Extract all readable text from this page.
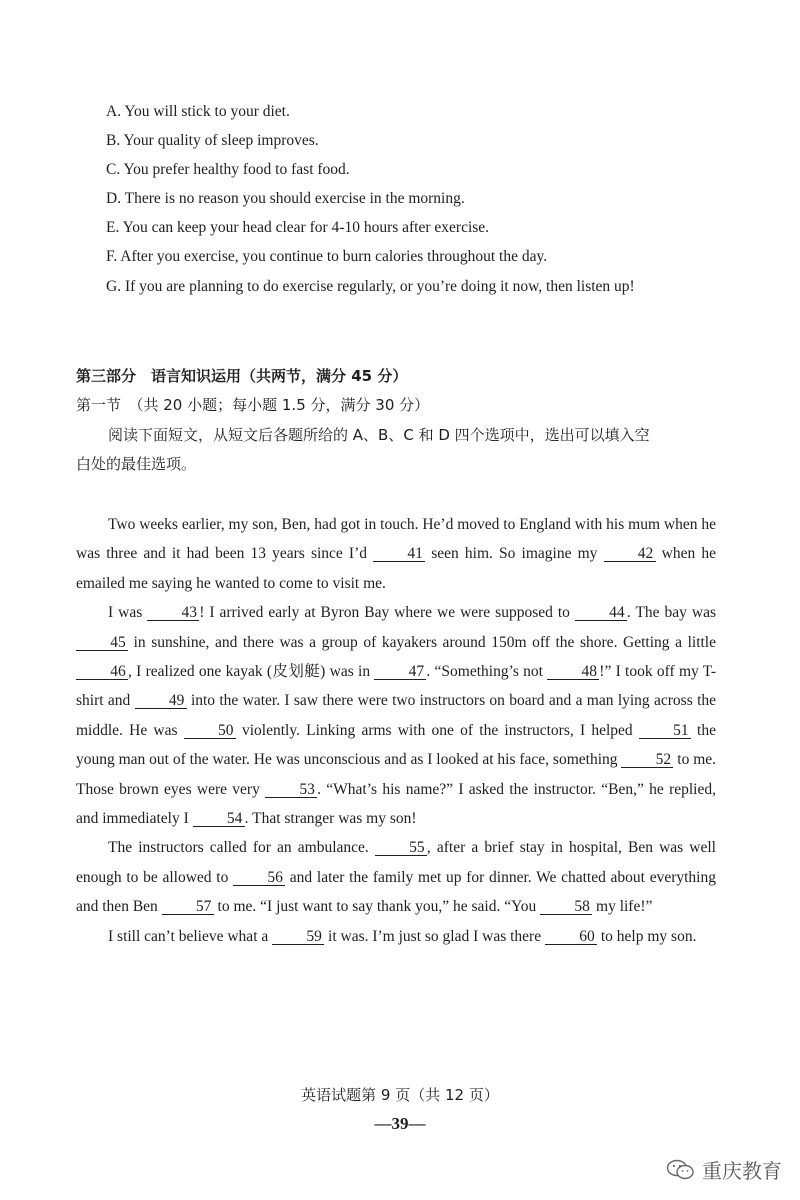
A. You will stick to your diet.
B. Your quality of sleep improves.
C. You prefer healthy food to fast food.
D. There is no reason you should exercise in the morning.
E. You can keep your head clear for 4-10 hours after exercise.
F. After you exercise, you continue to burn calories throughout the day.
G. If you are planning to do exercise regularly, or you’re doing it now, then listen up!
第三部分　语言知识运用（共两节，满分 45 分）
第一节　（共 20 小题；每小题 1.5 分，满分 30 分）
阅读下面短文，从短文后各题所给的 A、B、C 和 D 四个选项中，选出可以填入空
白处的最佳选项。

Two weeks earlier, my son, Ben, had got in touch. He’d moved to England with his mum when he was three and it had been 13 years since I’d 41 seen him. So imagine my 42 when he emailed me saying he wanted to come to visit me.

I was 43 ! I arrived early at Byron Bay where we were supposed to 44 . The bay was 45 in sunshine, and there was a group of kayakers around 150m off the shore. Getting a little 46 , I realized one kayak (皮划艇) was in 47 . “Something’s not 48 !” I took off my T-shirt and 49 into the water. I saw there were two instructors on board and a man lying across the middle. He was 50 violently. Linking arms with one of the instructors, I helped 51 the young man out of the water. He was unconscious and as I looked at his face, something 52 to me. Those brown eyes were very 53 . “What’s his name?” I asked the instructor. “Ben,” he replied, and immediately I 54 . That stranger was my son!

The instructors called for an ambulance. 55 , after a brief stay in hospital, Ben was well enough to be allowed to 56 and later the family met up for dinner. We chatted about everything and then Ben 57 to me. “I just want to say thank you,” he said. “You 58 my life!”

I still can’t believe what a 59 it was. I’m just so glad I was there 60 to help my son.

英语试题第 9 页（共 12 页）
—39—
重庆教育
